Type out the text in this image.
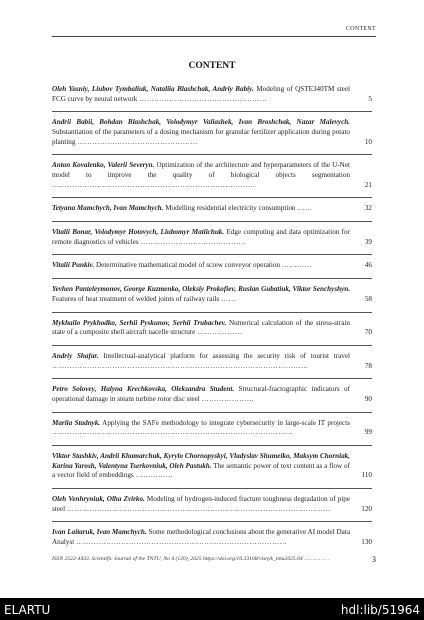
CONTENT
CONTENT
Oleh Yasniy, Liubov Tymbaliuk, Nataliia Blashchak, Andriy Babiy. Modeling of QSTE340TM steel FCG curve by neural network ……………………………………………	5
Andrii Babii, Bohdan Blashchak, Volodymyr Valiashek, Ivan Broshchak, Nazar Malevych. Substantiation of the parameters of a dosing mechanism for granular fertilizer application during potato planting …………………………………………	10
Anton Kovalenko, Valerii Severyn. Optimization of the architecture and hyperparameters of the U-Net model to improve the quality of biological objects segmentation ………………………………………………………………………	21
Tetyana Mamchych, Ivan Mamchych. Modelling residential electricity consumption ……	32
Vitalii Bonar, Volodymyr Hotovych, Liubomyr Matiichuk. Edge computing and data optimization for remote diagnostics of vehicles ……………………………………	39
Vitalii Punkiv. Determinative mathematical model of screw conveyor operation …………	46
Yevhen Panteleymonov, George Kuzmenko, Oleksiy Prokofiev, Ruslan Gubatiuk, Viktor Senchyshyn. Features of heat treatment of welded joints of railway rails ……	58
Mykhailo Prykhodko, Serhii Pyskunov, Serhii Trubachev. Numerical calculation of the stress-strain state of a composite shell aircraft nacelle structure ………………	70
Andriy Shafar. Intellectual-analytical platform for assessing the security risk of tourist travel …………………………………………………………………………………………	78
Petro Solovey, Halyna Krechkovska, Oleksandra Student. Structural-fractographic indicators of operational damage in steam turbine rotor disc steel …………………	90
Mariia Stadnyk. Applying the SAFe methodology to integrate cybersecurity in large-scale IT projects ……………………………………………………………………………………	99
Viktor Stashkiv, Andrii Khamarchuk, Kyrylo Chornopyskyi, Vladyslav Shumeiko, Maksym Chorniak, Karina Yarosh, Valentyna Tserkovniuk, Oleh Pastukh. The semantic power of text content as a flow of a vector field of embeddings ……………	110
Oleh Venhryniuk, Olha Zvirko. Modeling of hydrogen-induced fracture toughness degradation of pipe steel ……………………………………………………………………………………………	120
Ivan Laitaruk, Ivan Mamchych. Some methodological conclusions about the generative AI model Data Analyst …………………………………………………………………………	130
ISSN 2522-4433. Scientific Journal of the TNTU, No 4 (120), 2025 https://doi.org/10.33108/visnyk_tntu2025.04 ……………	3
ELARTU	hdl:lib/51964
